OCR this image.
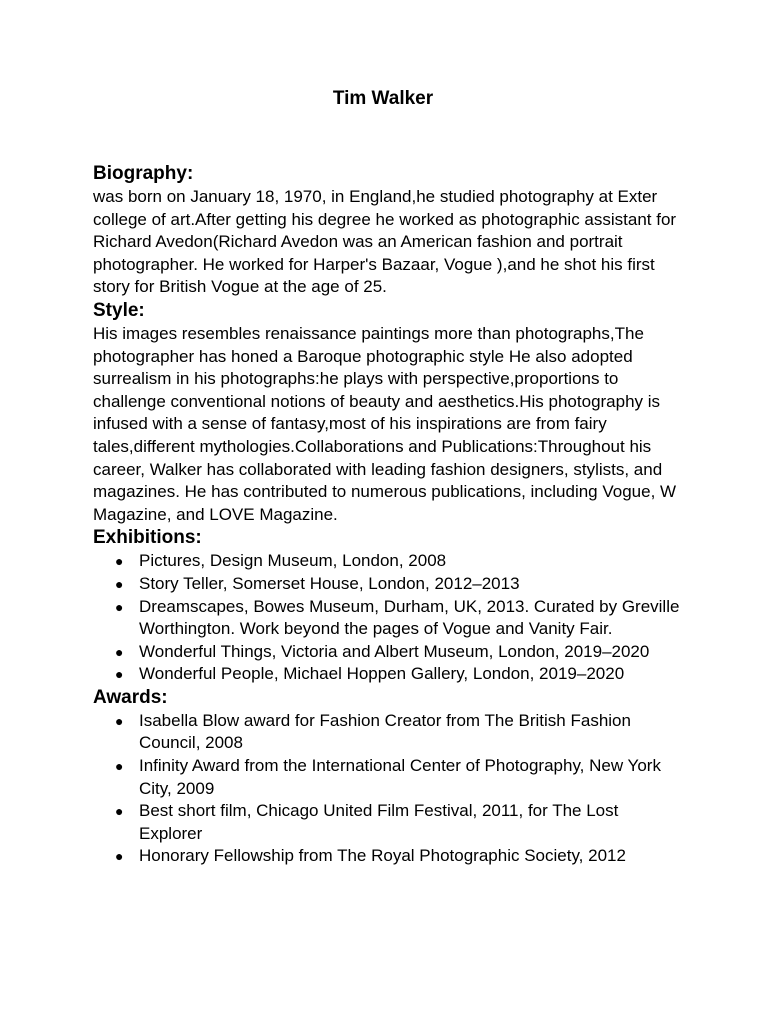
Tim Walker
Biography:

was born on January 18, 1970, in England,he studied photography at Exter college of art.After getting his degree he worked as photographic assistant for Richard Avedon(Richard Avedon was an American fashion and portrait photographer. He worked for Harper's Bazaar, Vogue ),and he shot his first story for British Vogue at the age of 25.

Style:

His images resembles renaissance paintings more than photographs,The photographer has honed a Baroque photographic style He also adopted surrealism in his photographs:he plays with perspective,proportions to challenge conventional notions of beauty and aesthetics.His photography is infused with a sense of fantasy,most of his inspirations are from fairy tales,different mythologies.Collaborations and Publications:Throughout his career, Walker has collaborated with leading fashion designers, stylists, and magazines. He has contributed to numerous publications, including Vogue, W Magazine, and LOVE Magazine.

Exhibitions:
● Pictures, Design Museum, London, 2008
● Story Teller, Somerset House, London, 2012–2013
● Dreamscapes, Bowes Museum, Durham, UK, 2013. Curated by Greville Worthington. Work beyond the pages of Vogue and Vanity Fair.
● Wonderful Things, Victoria and Albert Museum, London, 2019–2020
● Wonderful People, Michael Hoppen Gallery, London, 2019–2020
Awards:
● Isabella Blow award for Fashion Creator from The British Fashion Council, 2008
● Infinity Award from the International Center of Photography, New York City, 2009
● Best short film, Chicago United Film Festival, 2011, for The Lost Explorer
● Honorary Fellowship from The Royal Photographic Society, 2012
